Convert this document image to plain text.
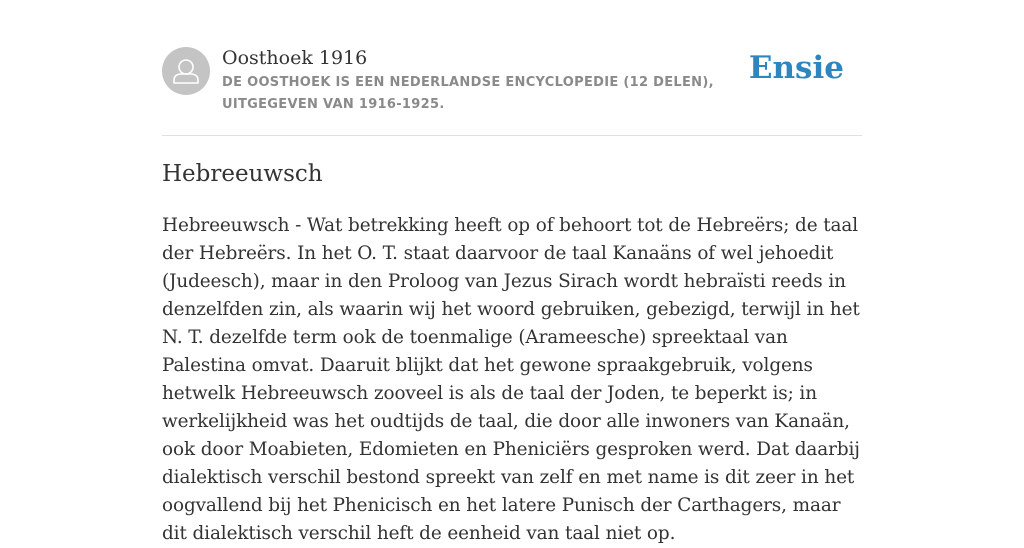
Oosthoek 1916

DE OOSTHOEK IS EEN NEDERLANDSE ENCYCLOPEDIE (12 DELEN), UITGEGEVEN VAN 1916-1925.

Ensie
Hebreeuwsch

Hebreeuwsch - Wat betrekking heeft op of behoort tot de Hebreërs; de taal der Hebreërs. In het O. T. staat daarvoor de taal Kanaäns of wel jehoedit (Judeesch), maar in den Proloog van Jezus Sirach wordt hebraïsti reeds in denzelfden zin, als waarin wij het woord gebruiken, gebezigd, terwijl in het N. T. dezelfde term ook de toenmalige (Arameesche) spreektaal van Palestina omvat. Daaruit blijkt dat het gewone spraakgebruik, volgens hetwelk Hebreeuwsch zooveel is als de taal der Joden, te beperkt is; in werkelijkheid was het oudtijds de taal, die door alle inwoners van Kanaän, ook door Moabieten, Edomieten en Pheniciërs gesproken werd. Dat daarbij dialektisch verschil bestond spreekt van zelf en met name is dit zeer in het oogvallend bij het Phenicisch en het latere Punisch der Carthagers, maar dit dialektisch verschil heft de eenheid van taal niet op.
